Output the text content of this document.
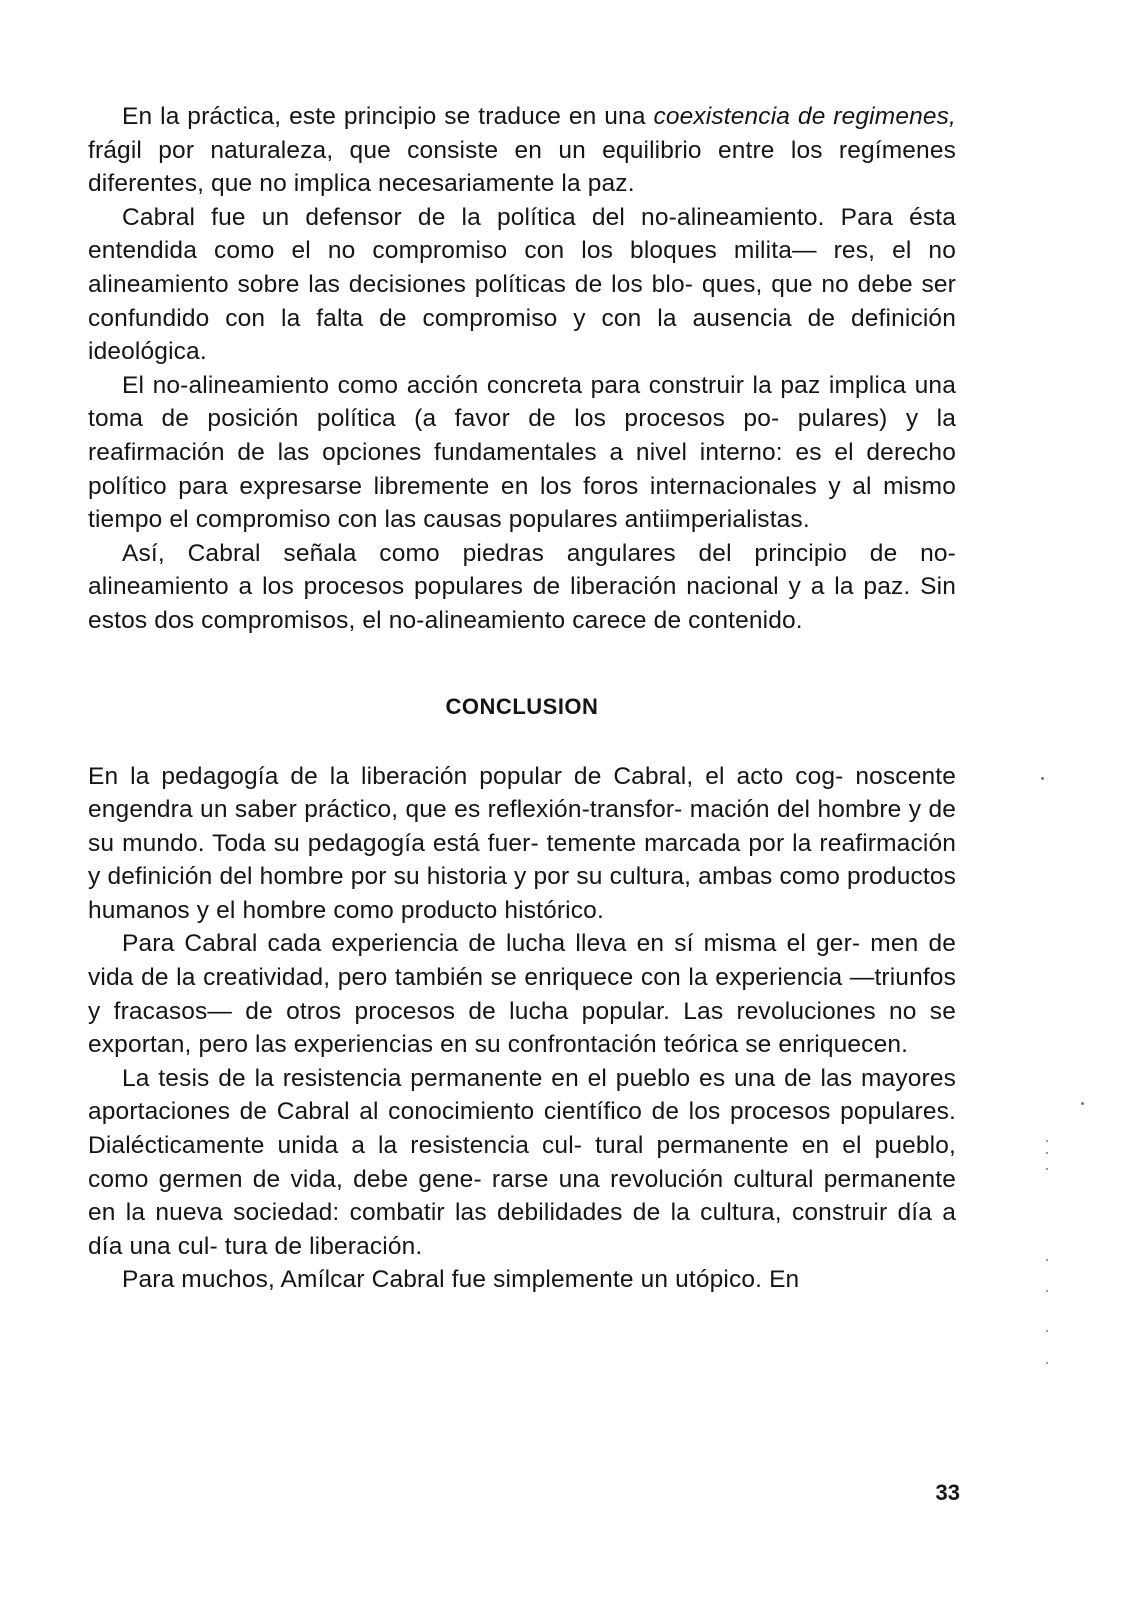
En la práctica, este principio se traduce en una coexistencia de regimenes, frágil por naturaleza, que consiste en un equilibrio entre los regímenes diferentes, que no implica necesariamente la paz.

Cabral fue un defensor de la política del no-alineamiento. Para ésta entendida como el no compromiso con los bloques milita— res, el no alineamiento sobre las decisiones políticas de los blo- ques, que no debe ser confundido con la falta de compromiso y con la ausencia de definición ideológica.

El no-alineamiento como acción concreta para construir la paz implica una toma de posición política (a favor de los procesos po- pulares) y la reafirmación de las opciones fundamentales a nivel interno: es el derecho político para expresarse libremente en los foros internacionales y al mismo tiempo el compromiso con las causas populares antiimperialistas.

Así, Cabral señala como piedras angulares del principio de no- alineamiento a los procesos populares de liberación nacional y a la paz. Sin estos dos compromisos, el no-alineamiento carece de contenido.

CONCLUSION

En la pedagogía de la liberación popular de Cabral, el acto cog- noscente engendra un saber práctico, que es reflexión-transfor- mación del hombre y de su mundo. Toda su pedagogía está fuer- temente marcada por la reafirmación y definición del hombre por su historia y por su cultura, ambas como productos humanos y el hombre como producto histórico.

Para Cabral cada experiencia de lucha lleva en sí misma el ger- men de vida de la creatividad, pero también se enriquece con la experiencia —triunfos y fracasos— de otros procesos de lucha popular. Las revoluciones no se exportan, pero las experiencias en su confrontación teórica se enriquecen.

La tesis de la resistencia permanente en el pueblo es una de las mayores aportaciones de Cabral al conocimiento científico de los procesos populares. Dialécticamente unida a la resistencia cul- tural permanente en el pueblo, como germen de vida, debe gene- rarse una revolución cultural permanente en la nueva sociedad: combatir las debilidades de la cultura, construir día a día una cul- tura de liberación.

Para muchos, Amílcar Cabral fue simplemente un utópico. En

33
